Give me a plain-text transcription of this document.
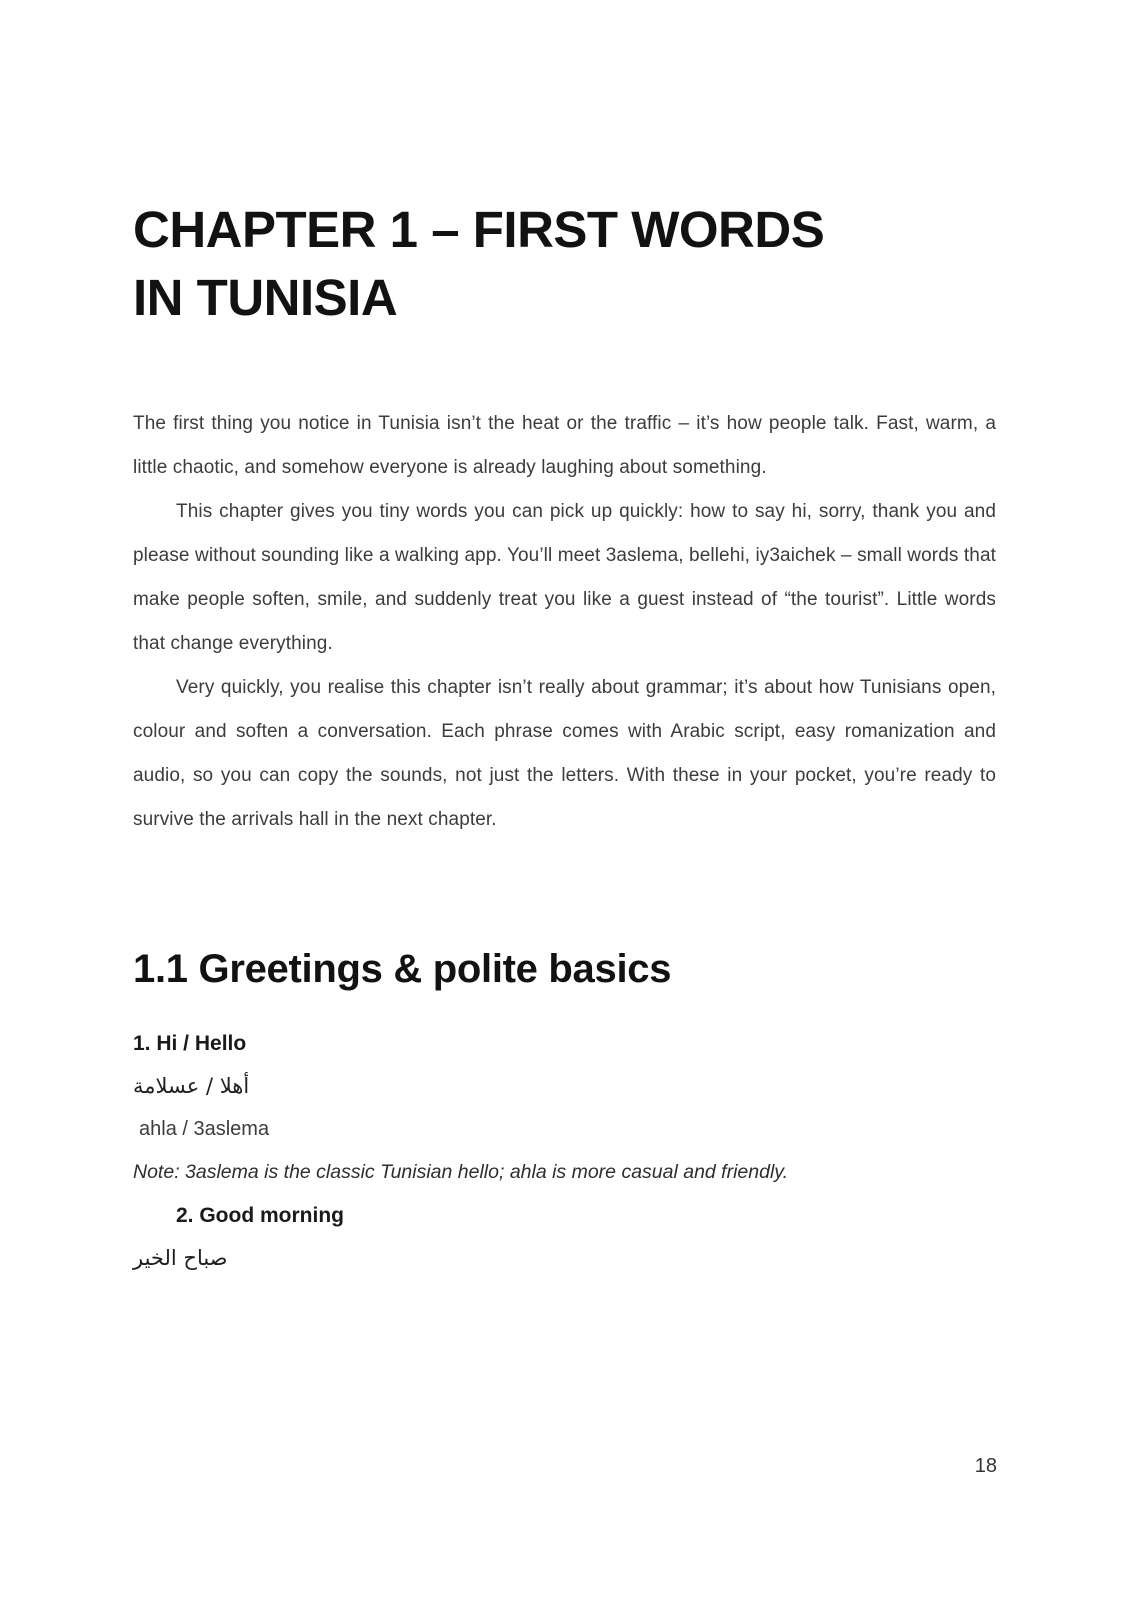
CHAPTER 1 – FIRST WORDS
IN TUNISIA

The first thing you notice in Tunisia isn’t the heat or the traffic – it’s how people talk. Fast, warm, a little chaotic, and somehow everyone is already laughing about something.

This chapter gives you tiny words you can pick up quickly: how to say hi, sorry, thank you and please without sounding like a walking app. You’ll meet 3aslema, bellehi, iy3aichek – small words that make people soften, smile, and suddenly treat you like a guest instead of “the tourist”. Little words that change everything.

Very quickly, you realise this chapter isn’t really about grammar; it’s about how Tunisians open, colour and soften a conversation. Each phrase comes with Arabic script, easy romanization and audio, so you can copy the sounds, not just the letters. With these in your pocket, you’re ready to survive the arrivals hall in the next chapter.

1.1 Greetings & polite basics
1. Hi / Hello
أهلا / عسلامة
ahla / 3aslema
Note: 3aslema is the classic Tunisian hello; ahla is more casual and friendly.
2. Good morning
صباح الخير
18
